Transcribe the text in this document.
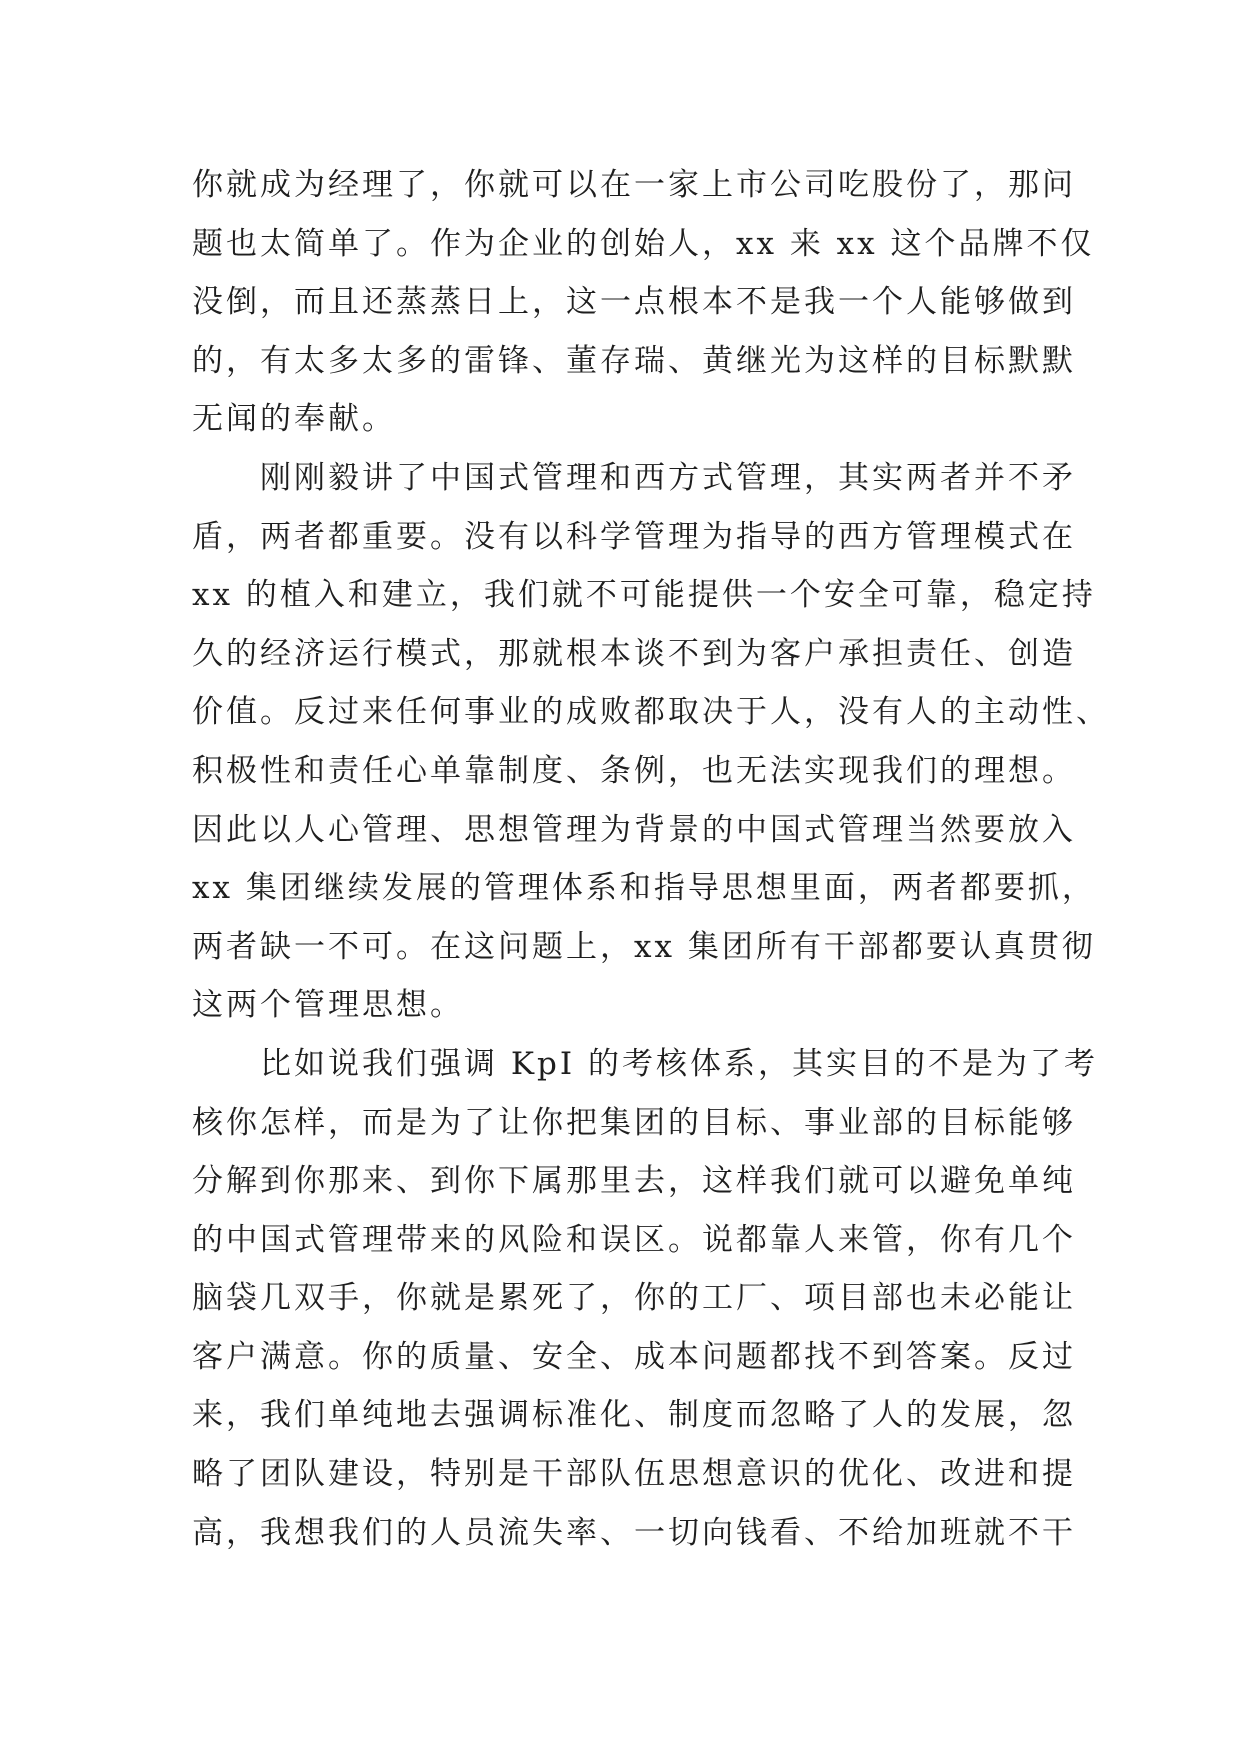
你就成为经理了，你就可以在一家上市公司吃股份了，那问
题也太简单了。作为企业的创始人，xx 来 xx 这个品牌不仅
没倒，而且还蒸蒸日上，这一点根本不是我一个人能够做到
的，有太多太多的雷锋、董存瑞、黄继光为这样的目标默默
无闻的奉献。
　　刚刚毅讲了中国式管理和西方式管理，其实两者并不矛
盾，两者都重要。没有以科学管理为指导的西方管理模式在
xx 的植入和建立，我们就不可能提供一个安全可靠，稳定持
久的经济运行模式，那就根本谈不到为客户承担责任、创造
价值。反过来任何事业的成败都取决于人，没有人的主动性、
积极性和责任心单靠制度、条例，也无法实现我们的理想。
因此以人心管理、思想管理为背景的中国式管理当然要放入
xx 集团继续发展的管理体系和指导思想里面，两者都要抓，
两者缺一不可。在这问题上，xx 集团所有干部都要认真贯彻
这两个管理思想。
　　比如说我们强调 KpI 的考核体系，其实目的不是为了考
核你怎样，而是为了让你把集团的目标、事业部的目标能够
分解到你那来、到你下属那里去，这样我们就可以避免单纯
的中国式管理带来的风险和误区。说都靠人来管，你有几个
脑袋几双手，你就是累死了，你的工厂、项目部也未必能让
客户满意。你的质量、安全、成本问题都找不到答案。反过
来，我们单纯地去强调标准化、制度而忽略了人的发展，忽
略了团队建设，特别是干部队伍思想意识的优化、改进和提
高，我想我们的人员流失率、一切向钱看、不给加班就不干
